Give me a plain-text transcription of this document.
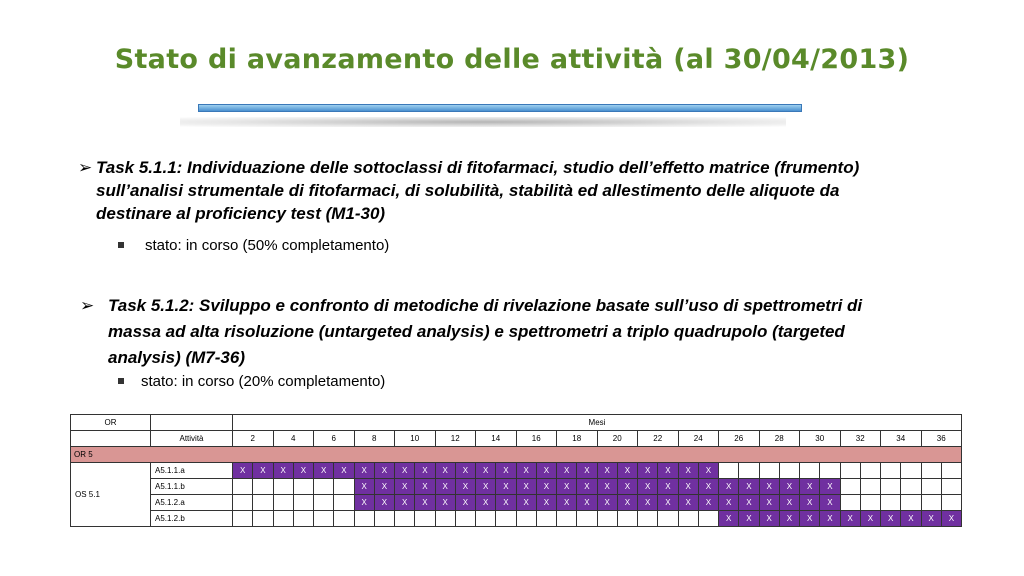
Stato di avanzamento delle attività (al 30/04/2013)
➢ Task 5.1.1: Individuazione delle sottoclassi di fitofarmaci, studio dell’effetto matrice (frumento)
sull’analisi strumentale di fitofarmaci, di solubilità, stabilità ed allestimento delle aliquote da
destinare al proficiency test (M1-30)
stato: in corso (50% completamento)
➢ Task 5.1.2: Sviluppo e confronto di metodiche di rivelazione basate sull’uso di spettrometri di
massa ad alta risoluzione (untargeted analysis) e spettrometri a triplo quadrupolo (targeted
analysis) (M7-36)
stato: in corso (20% completamento)
OR		Mesi																																			
	Attività	2		4		6		8		10		12		14		16		18		20		22		24		26		28		30		32		34		36	
OR 5																																					
OS 5.1	A5.1.1.a	X	X	X	X	X	X	X	X	X	X	X	X	X	X	X	X	X	X	X	X	X	X	X	X												
	A5.1.1.b							X	X	X	X	X	X	X	X	X	X	X	X	X	X	X	X	X	X	X	X	X	X	X	X						
	A5.1.2.a							X	X	X	X	X	X	X	X	X	X	X	X	X	X	X	X	X	X	X	X	X	X	X	X						
	A5.1.2.b																									X	X	X	X	X	X	X	X	X	X	X	X
